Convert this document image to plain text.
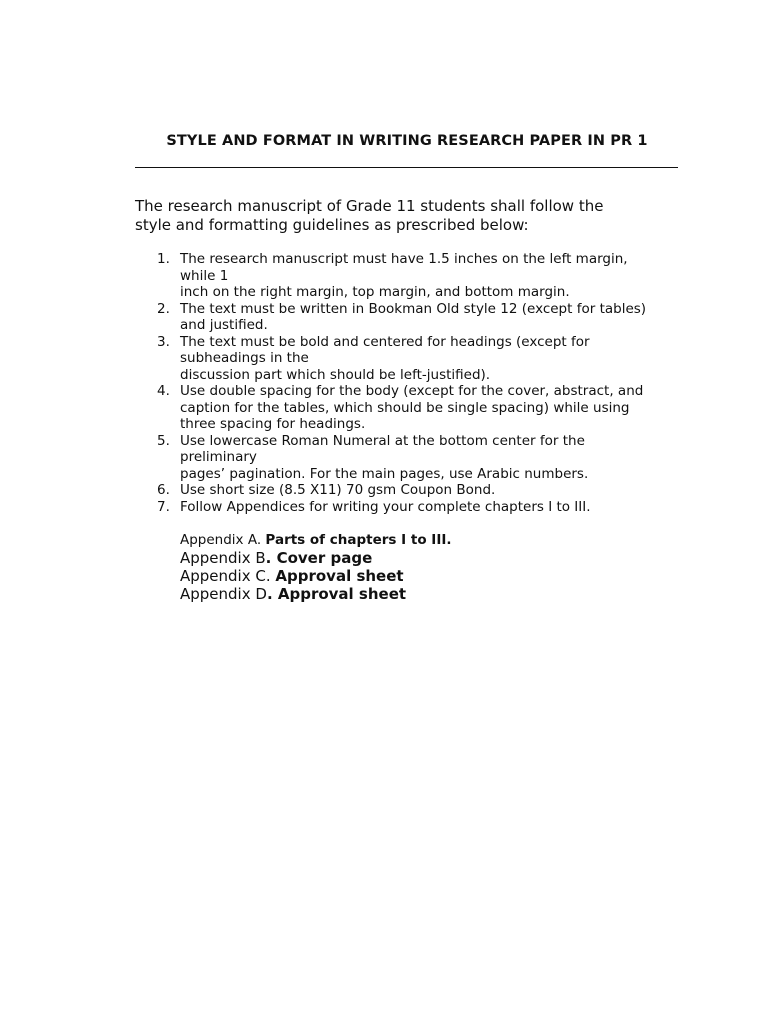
STYLE AND FORMAT IN WRITING RESEARCH PAPER IN PR 1
The research manuscript of Grade 11 students shall follow the
style and formatting guidelines as prescribed below:
1. The research manuscript must have 1.5 inches on the left margin,
while 1
inch on the right margin, top margin, and bottom margin.
2. The text must be written in Bookman Old style 12 (except for tables)
and justified.
3. The text must be bold and centered for headings (except for
subheadings in the
discussion part which should be left-justified).
4. Use double spacing for the body (except for the cover, abstract, and
caption for the tables, which should be single spacing) while using
three spacing for headings.
5. Use lowercase Roman Numeral at the bottom center for the
preliminary
pages’ pagination. For the main pages, use Arabic numbers.
6. Use short size (8.5 X11) 70 gsm Coupon Bond.
7. Follow Appendices for writing your complete chapters I to III.
Appendix A. Parts of chapters I to III.
Appendix B. Cover page
Appendix C. Approval sheet
Appendix D. Approval sheet
